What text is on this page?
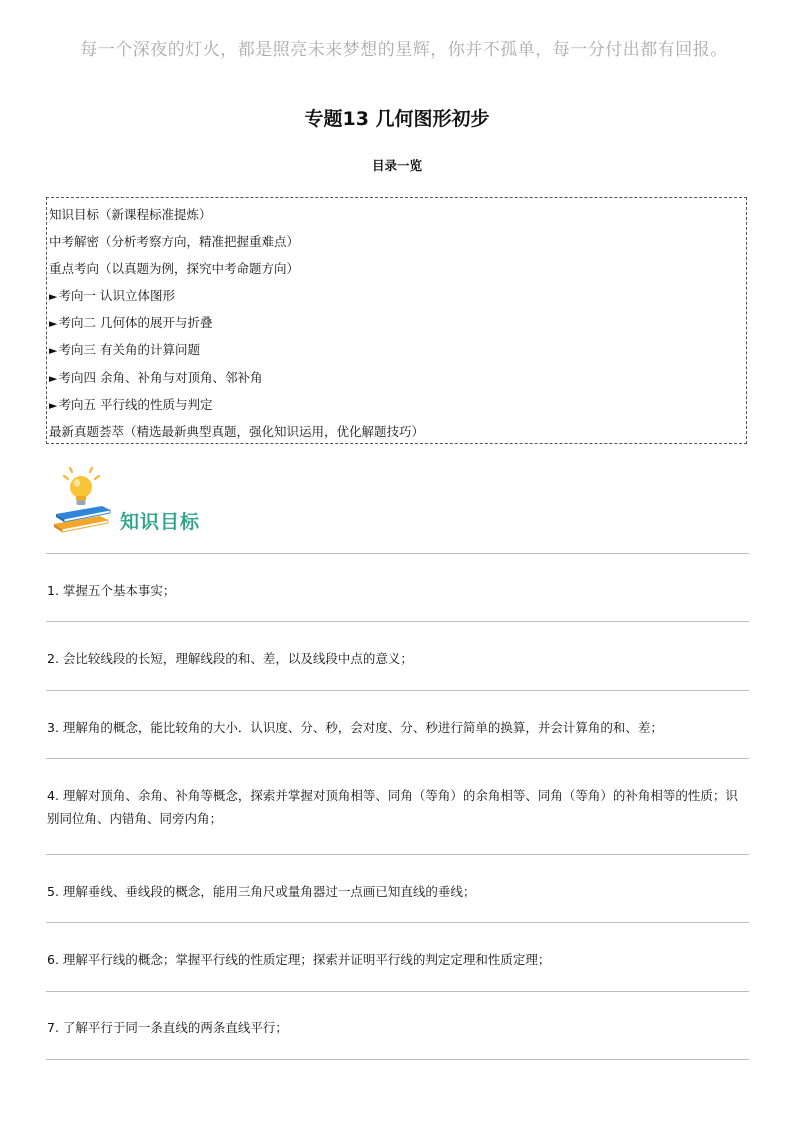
每一个深夜的灯火，都是照亮未来梦想的星辉，你并不孤单，每一分付出都有回报。
专题13 几何图形初步
目录一览
知识目标（新课程标准提炼）
中考解密（分析考察方向，精准把握重难点）
重点考向（以真题为例，探究中考命题方向）
►考向一 认识立体图形
►考向二 几何体的展开与折叠
►考向三 有关角的计算问题
►考向四 余角、补角与对顶角、邻补角
►考向五 平行线的性质与判定
最新真题荟萃（精选最新典型真题，强化知识运用，优化解题技巧）
知识目标
1. 掌握五个基本事实；
2. 会比较线段的长短，理解线段的和、差，以及线段中点的意义；
3. 理解角的概念，能比较角的大小．认识度、分、秒，会对度、分、秒进行简单的换算，并会计算角的和、差；
4. 理解对顶角、余角、补角等概念，探索并掌握对顶角相等、同角（等角）的余角相等、同角（等角）的补角相等的性质；识别同位角、内错角、同旁内角；
5. 理解垂线、垂线段的概念，能用三角尺或量角器过一点画已知直线的垂线；
6. 理解平行线的概念；掌握平行线的性质定理；探索并证明平行线的判定定理和性质定理；
7. 了解平行于同一条直线的两条直线平行；
